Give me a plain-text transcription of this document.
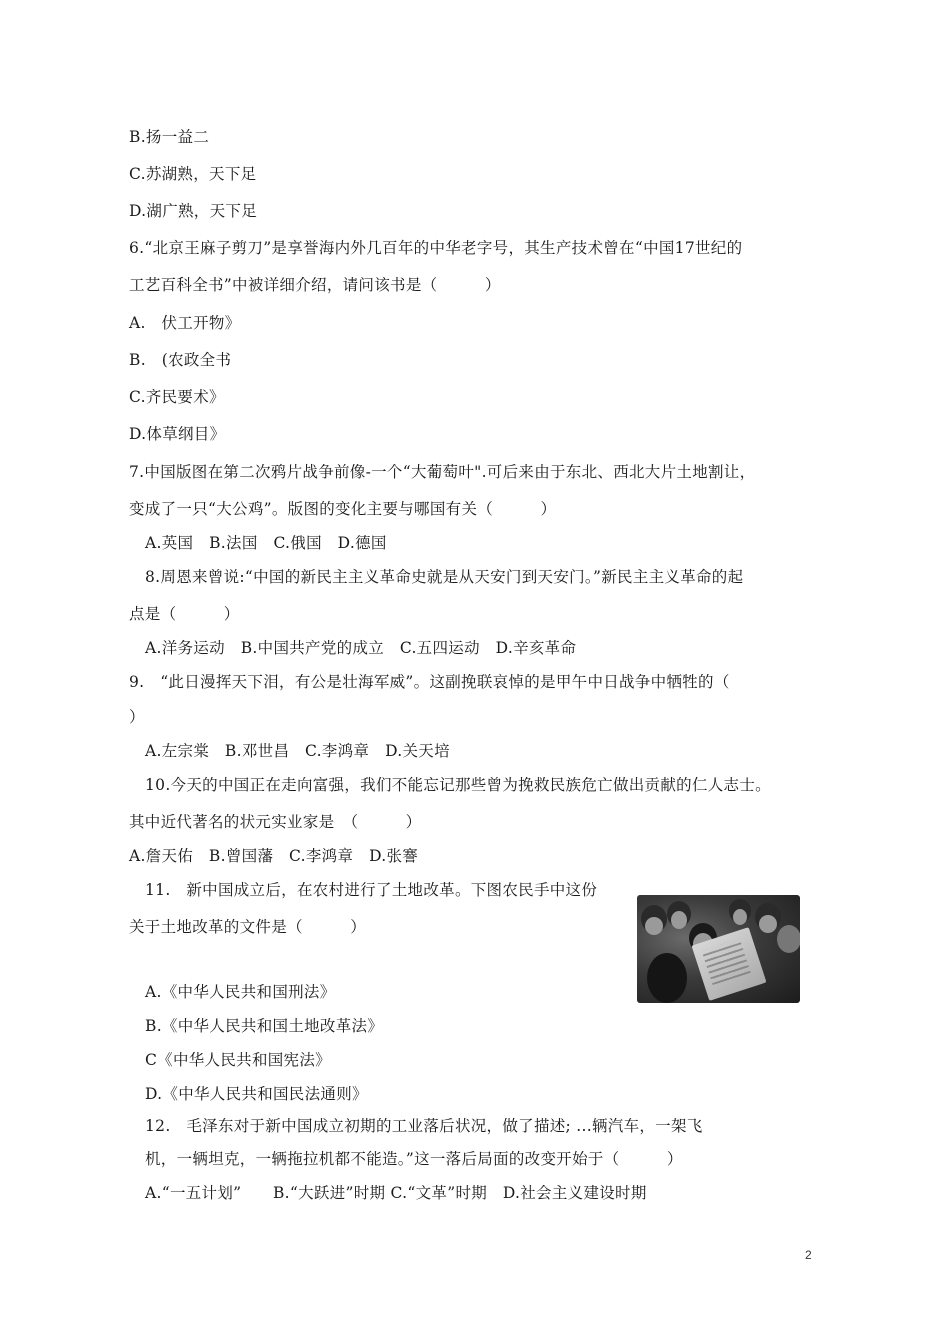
B.扬一益二
C.苏湖熟，天下足
D.湖广熟，天下足
6.“北京王麻子剪刀”是享誉海内外几百年的中华老字号，其生产技术曾在“中国17世纪的
工艺百科全书”中被详细介绍，请问该书是（　　　）
A.　伏工开物》
B.　(农政全书
C.齐民要术》
D.体草纲目》
7.中国版图在第二次鸦片战争前像-一个“大葡萄叶".可后来由于东北、西北大片土地割让，
变成了一只“大公鸡”。版图的变化主要与哪国有关（　　　）
A.英国　B.法国　C.俄国　D.德国
8.周恩来曾说:“中国的新民主主义革命史就是从天安门到天安门。”新民主主义革命的起
点是（　　　）
A.洋务运动　B.中国共产党的成立　C.五四运动　D.辛亥革命
9.　“此日漫挥天下泪，有公是壮海军威”。这副挽联哀悼的是甲午中日战争中牺牲的（
）
A.左宗棠　B.邓世昌　C.李鸿章　D.关天培
10.今天的中国正在走向富强，我们不能忘记那些曾为挽救民族危亡做出贡献的仁人志士。
其中近代著名的状元实业家是　（　　　）
A.詹天佑　B.曾国藩　C.李鸿章　D.张謇
11.　新中国成立后，在农村进行了土地改革。下图农民手中这份
关于土地改革的文件是（　　　）
A.《中华人民共和国刑法》
B.《中华人民共和国土地改革法》
C《中华人民共和国宪法》
D.《中华人民共和国民法通则》
12.　毛泽东对于新中国成立初期的工业落后状况，做了描述; ...辆汽车，一架飞
机，一辆坦克，一辆拖拉机都不能造。”这一落后局面的改变开始于（　　　）
A.“一五计划”　　B.“大跃进”时期 C.“文革”时期　D.社会主义建设时期
2
